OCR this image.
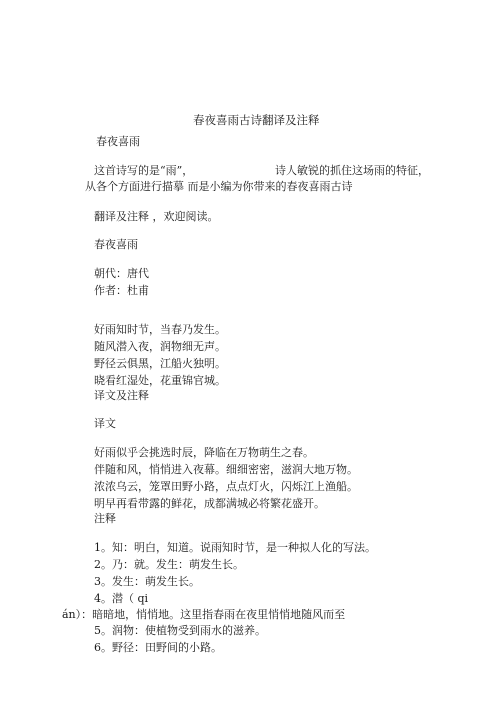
春夜喜雨古诗翻译及注释
春夜喜雨
这首诗写的是“雨”，	诗人敏锐的抓住这场雨的特征，
从各个方面进行描摹 而是小编为你带来的春夜喜雨古诗
翻译及注释 ，欢迎阅读。
春夜喜雨
朝代：唐代
作者：杜甫
好雨知时节，当春乃发生。
随风潜入夜，润物细无声。
野径云俱黑，江船火独明。
晓看红湿处，花重锦官城。
译文及注释
译文
好雨似乎会挑选时辰，降临在万物萌生之春。
伴随和风，悄悄进入夜幕。细细密密，滋润大地万物。
浓浓乌云，笼罩田野小路，点点灯火，闪烁江上渔船。
明早再看带露的鲜花，成都满城必将繁花盛开。
注释
1。知：明白，知道。说雨知时节，是一种拟人化的写法。
2。乃：就。发生：萌发生长。
3。发生：萌发生长。
4。潜（ qi
án）：暗暗地，悄悄地。这里指春雨在夜里悄悄地随风而至
5。润物：使植物受到雨水的滋养。
6。野径：田野间的小路。
